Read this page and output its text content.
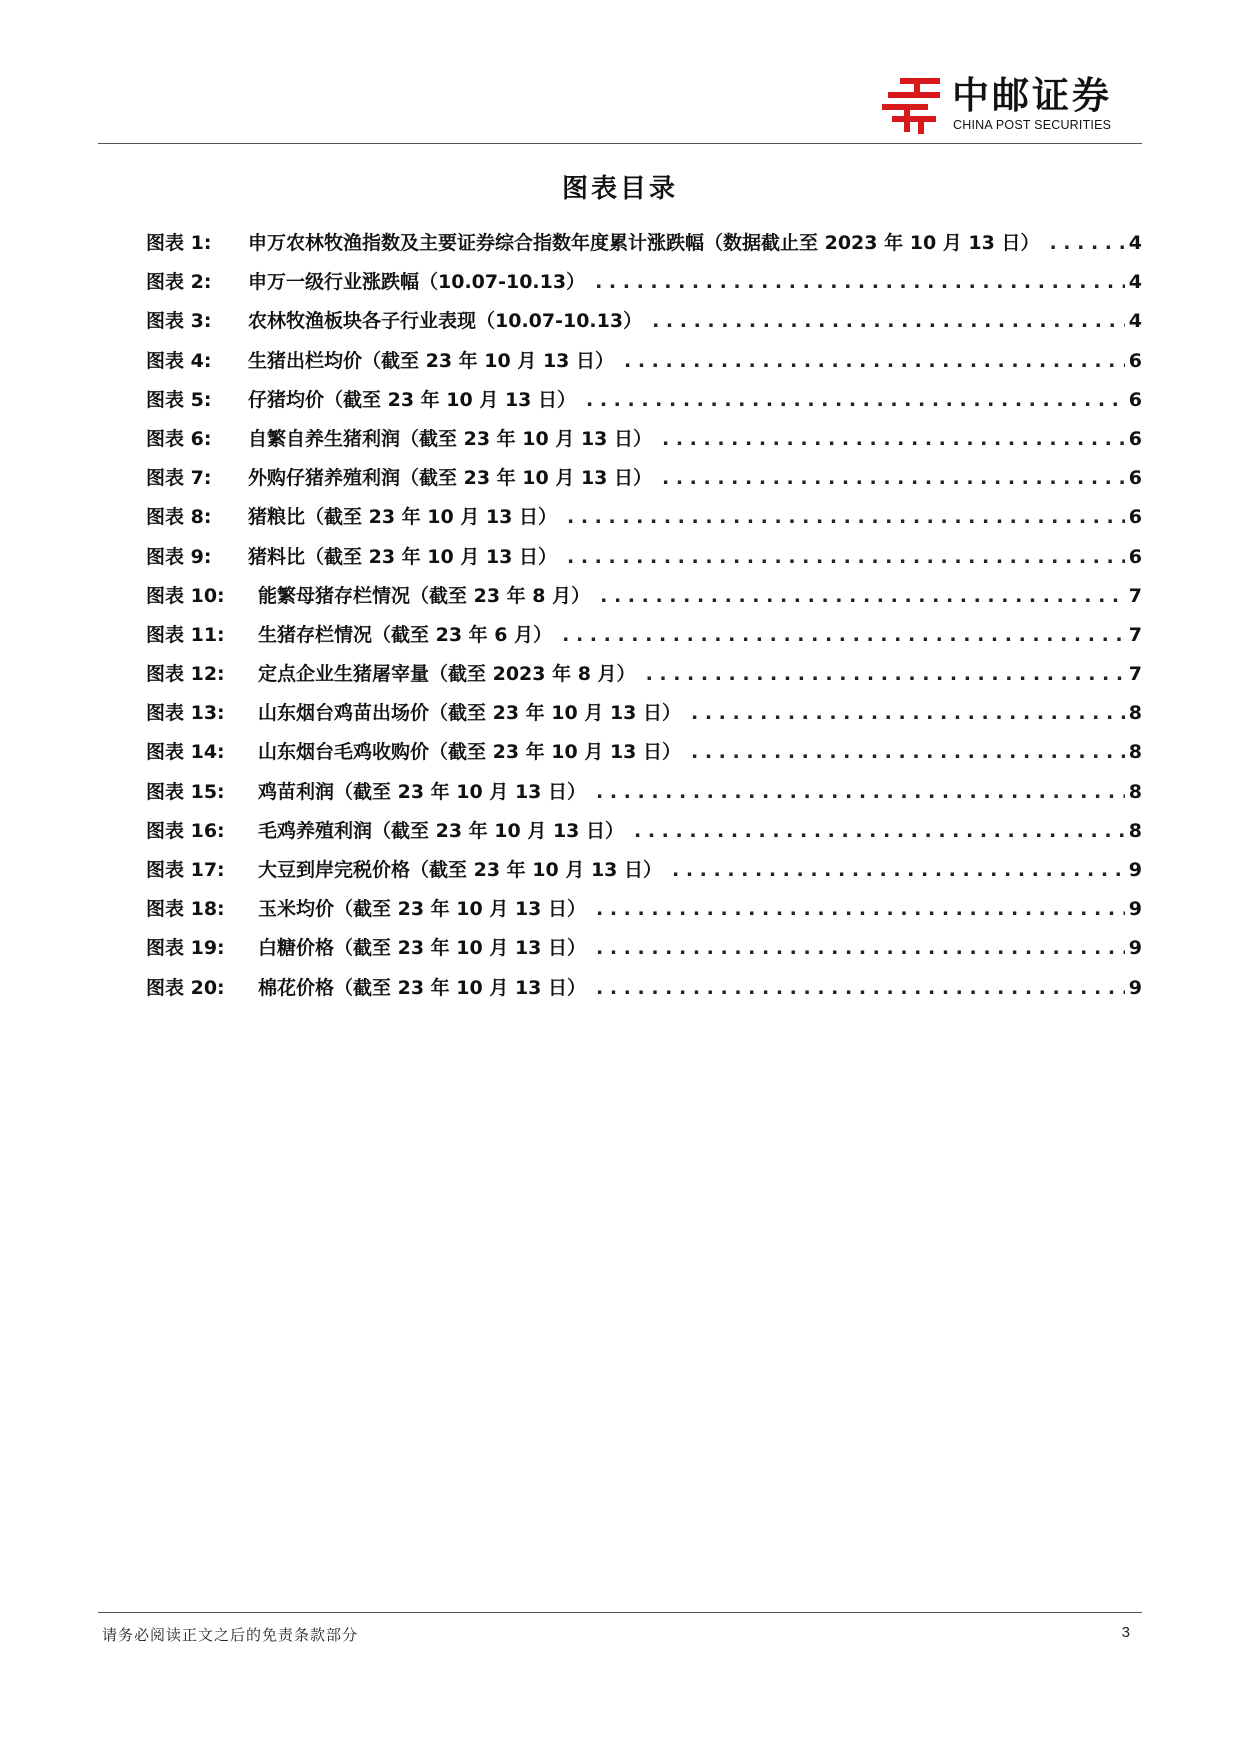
中邮证券
CHINA POST SECURITIES
图表目录
图表 1:	申万农林牧渔指数及主要证券综合指数年度累计涨跌幅（数据截止至 2023 年 10 月 13 日） . . .	4
图表 2:	申万一级行业涨跌幅（10.07-10.13） . . .	4
图表 3:	农林牧渔板块各子行业表现（10.07-10.13） . . .	4
图表 4:	生猪出栏均价（截至 23 年 10 月 13 日） . . .	6
图表 5:	仔猪均价（截至 23 年 10 月 13 日） . . .	6
图表 6:	自繁自养生猪利润（截至 23 年 10 月 13 日） . . .	6
图表 7:	外购仔猪养殖利润（截至 23 年 10 月 13 日） . . .	6
图表 8:	猪粮比（截至 23 年 10 月 13 日） . . .	6
图表 9:	猪料比（截至 23 年 10 月 13 日） . . .	6
图表 10:	能繁母猪存栏情况（截至 23 年 8 月） . . .	7
图表 11:	生猪存栏情况（截至 23 年 6 月） . . .	7
图表 12:	定点企业生猪屠宰量（截至 2023 年 8 月） . . .	7
图表 13:	山东烟台鸡苗出场价（截至 23 年 10 月 13 日） . . .	8
图表 14:	山东烟台毛鸡收购价（截至 23 年 10 月 13 日） . . .	8
图表 15:	鸡苗利润（截至 23 年 10 月 13 日） . . .	8
图表 16:	毛鸡养殖利润（截至 23 年 10 月 13 日） . . .	8
图表 17:	大豆到岸完税价格（截至 23 年 10 月 13 日） . . .	9
图表 18:	玉米均价（截至 23 年 10 月 13 日） . . .	9
图表 19:	白糖价格（截至 23 年 10 月 13 日） . . .	9
图表 20:	棉花价格（截至 23 年 10 月 13 日） . . .	9
请务必阅读正文之后的免责条款部分	3
